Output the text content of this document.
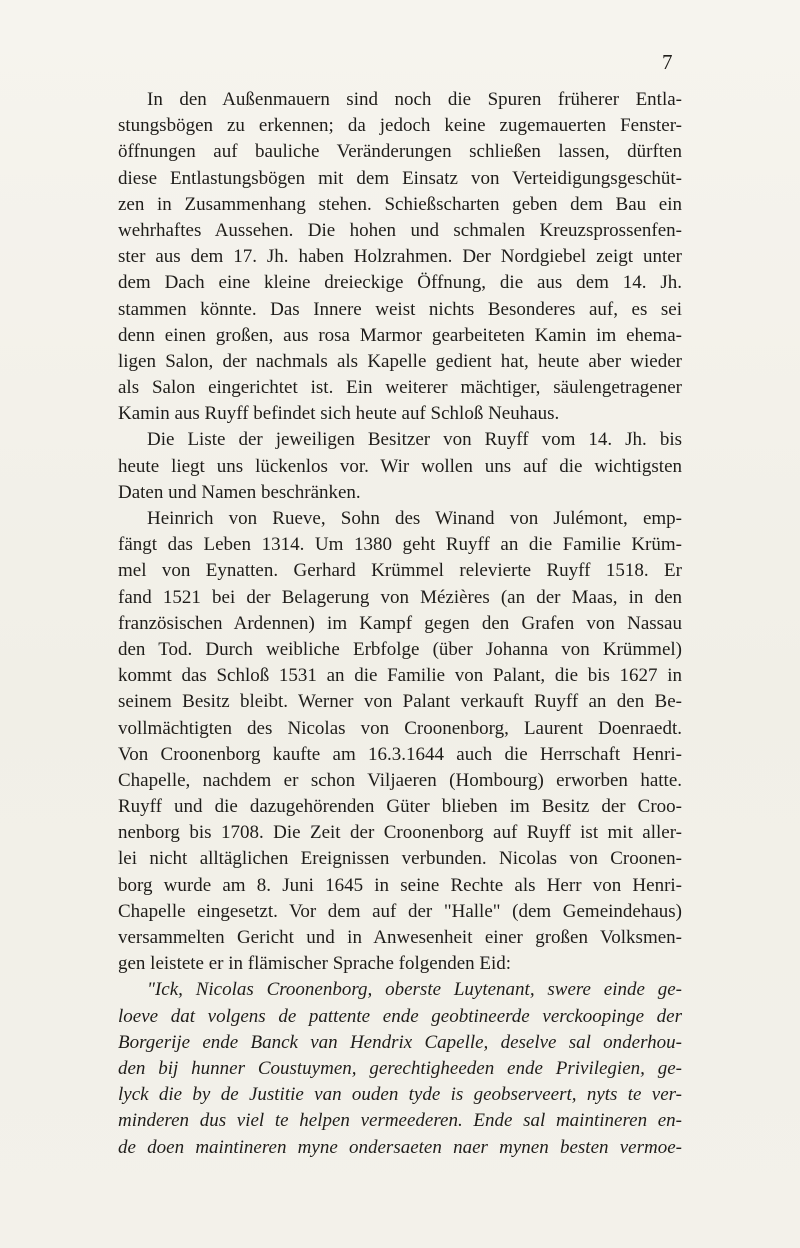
7
In den Außenmauern sind noch die Spuren früherer Entla-
stungsbögen zu erkennen; da jedoch keine zugemauerten Fenster-
öffnungen auf bauliche Veränderungen schließen lassen, dürften
diese Entlastungsbögen mit dem Einsatz von Verteidigungsgeschüt-
zen in Zusammenhang stehen. Schießscharten geben dem Bau ein
wehrhaftes Aussehen. Die hohen und schmalen Kreuzsprossenfen-
ster aus dem 17. Jh. haben Holzrahmen. Der Nordgiebel zeigt unter
dem Dach eine kleine dreieckige Öffnung, die aus dem 14. Jh.
stammen könnte. Das Innere weist nichts Besonderes auf, es sei
denn einen großen, aus rosa Marmor gearbeiteten Kamin im ehema-
ligen Salon, der nachmals als Kapelle gedient hat, heute aber wieder
als Salon eingerichtet ist. Ein weiterer mächtiger, säulengetragener
Kamin aus Ruyff befindet sich heute auf Schloß Neuhaus.
Die Liste der jeweiligen Besitzer von Ruyff vom 14. Jh. bis
heute liegt uns lückenlos vor. Wir wollen uns auf die wichtigsten
Daten und Namen beschränken.
Heinrich von Rueve, Sohn des Winand von Julémont, emp-
fängt das Leben 1314. Um 1380 geht Ruyff an die Familie Krüm-
mel von Eynatten. Gerhard Krümmel relevierte Ruyff 1518. Er
fand 1521 bei der Belagerung von Mézières (an der Maas, in den
französischen Ardennen) im Kampf gegen den Grafen von Nassau
den Tod. Durch weibliche Erbfolge (über Johanna von Krümmel)
kommt das Schloß 1531 an die Familie von Palant, die bis 1627 in
seinem Besitz bleibt. Werner von Palant verkauft Ruyff an den Be-
vollmächtigten des Nicolas von Croonenborg, Laurent Doenraedt.
Von Croonenborg kaufte am 16.3.1644 auch die Herrschaft Henri-
Chapelle, nachdem er schon Viljaeren (Hombourg) erworben hatte.
Ruyff und die dazugehörenden Güter blieben im Besitz der Croo-
nenborg bis 1708. Die Zeit der Croonenborg auf Ruyff ist mit aller-
lei nicht alltäglichen Ereignissen verbunden. Nicolas von Croonen-
borg wurde am 8. Juni 1645 in seine Rechte als Herr von Henri-
Chapelle eingesetzt. Vor dem auf der "Halle" (dem Gemeindehaus)
versammelten Gericht und in Anwesenheit einer großen Volksmen-
gen leistete er in flämischer Sprache folgenden Eid:
"Ick, Nicolas Croonenborg, oberste Luytenant, swere einde ge-
loeve dat volgens de pattente ende geobtineerde verckoopinge der
Borgerije ende Banck van Hendrix Capelle, deselve sal onderhou-
den bij hunner Coustuymen, gerechtigheeden ende Privilegien, ge-
lyck die by de Justitie van ouden tyde is geobserveert, nyts te ver-
minderen dus viel te helpen vermeederen. Ende sal maintineren en-
de doen maintineren myne ondersaeten naer mynen besten vermoe-
